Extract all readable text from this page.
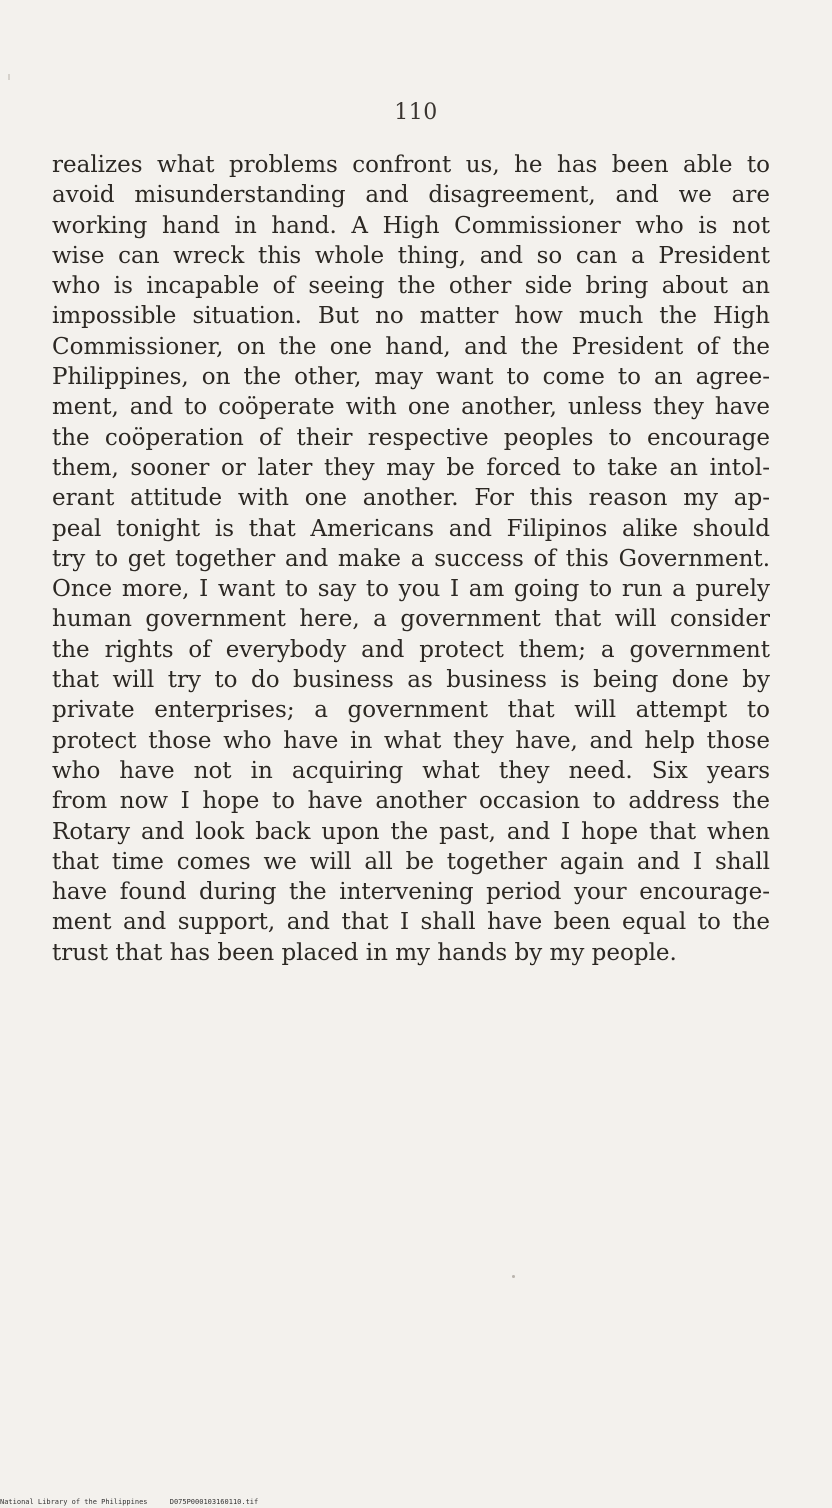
110
realizes what problems confront us, he has been able to
avoid misunderstanding and disagreement, and we are
working hand in hand. A High Commissioner who is not
wise can wreck this whole thing, and so can a President
who is incapable of seeing the other side bring about an
impossible situation. But no matter how much the High
Commissioner, on the one hand, and the President of the
Philippines, on the other, may want to come to an agree-
ment, and to coöperate with one another, unless they have
the coöperation of their respective peoples to encourage
them, sooner or later they may be forced to take an intol-
erant attitude with one another. For this reason my ap-
peal tonight is that Americans and Filipinos alike should
try to get together and make a success of this Government.
Once more, I want to say to you I am going to run a purely
human government here, a government that will consider
the rights of everybody and protect them; a government
that will try to do business as business is being done by
private enterprises; a government that will attempt to
protect those who have in what they have, and help those
who have not in acquiring what they need. Six years
from now I hope to have another occasion to address the
Rotary and look back upon the past, and I hope that when
that time comes we will all be together again and I shall
have found during the intervening period your encourage-
ment and support, and that I shall have been equal to the
trust that has been placed in my hands by my people.
National Library of the Philippines	D075P000103160110.tif
